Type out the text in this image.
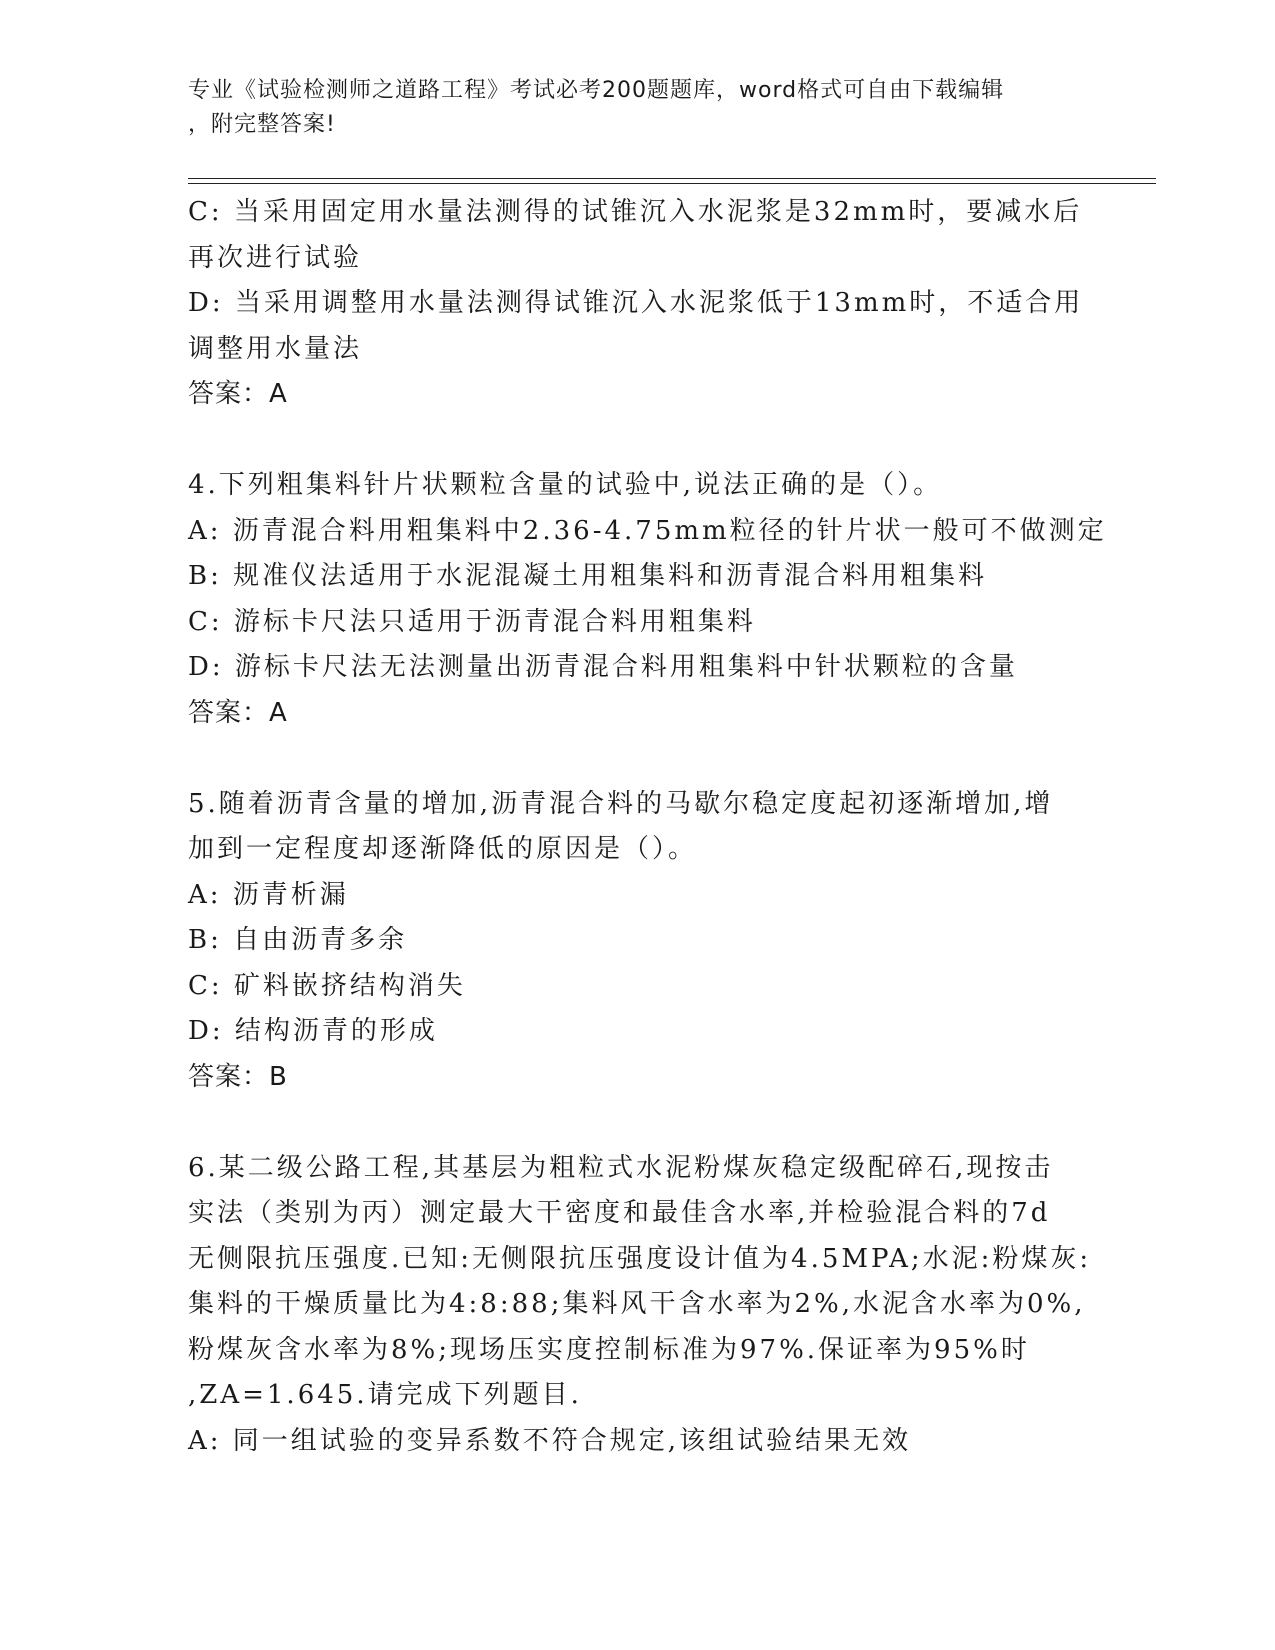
专业《试验检测师之道路工程》考试必考200题题库，word格式可自由下载编辑
，附完整答案!

C: 当采用固定用水量法测得的试锥沉入水泥浆是32mm时，要减水后

再次进行试验

D: 当采用调整用水量法测得试锥沉入水泥浆低于13mm时，不适合用

调整用水量法

答案：A

4.下列粗集料针片状颗粒含量的试验中,说法正确的是（）。

A: 沥青混合料用粗集料中2.36-4.75mm粒径的针片状一般可不做测定

B: 规准仪法适用于水泥混凝土用粗集料和沥青混合料用粗集料

C: 游标卡尺法只适用于沥青混合料用粗集料

D: 游标卡尺法无法测量出沥青混合料用粗集料中针状颗粒的含量

答案：A

5.随着沥青含量的增加,沥青混合料的马歇尔稳定度起初逐渐增加,增

加到一定程度却逐渐降低的原因是（）。

A: 沥青析漏

B: 自由沥青多余

C: 矿料嵌挤结构消失

D: 结构沥青的形成

答案：B

6.某二级公路工程,其基层为粗粒式水泥粉煤灰稳定级配碎石,现按击

实法（类别为丙）测定最大干密度和最佳含水率,并检验混合料的7d

无侧限抗压强度.已知:无侧限抗压强度设计值为4.5MPA;水泥:粉煤灰:

集料的干燥质量比为4:8:88;集料风干含水率为2%,水泥含水率为0%,

粉煤灰含水率为8%;现场压实度控制标准为97%.保证率为95%时

,ZA=1.645.请完成下列题目.

A: 同一组试验的变异系数不符合规定,该组试验结果无效
